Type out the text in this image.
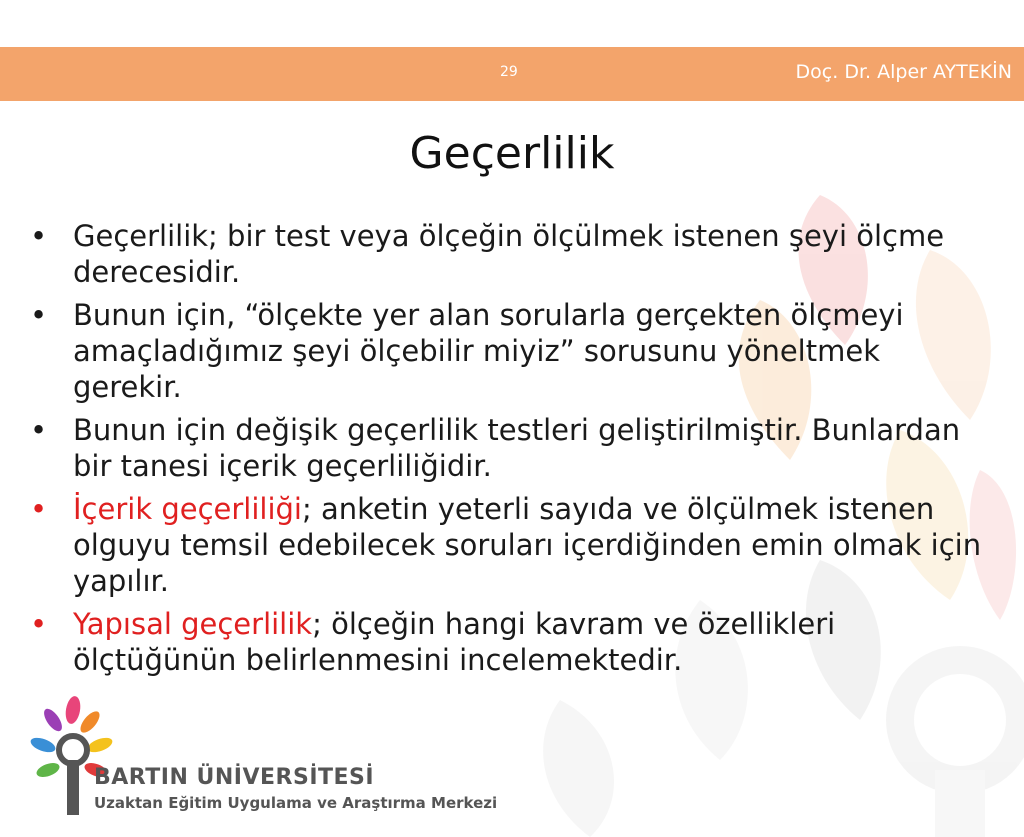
29	Doç. Dr. Alper AYTEKİN
Geçerlilik
• Geçerlilik; bir test veya ölçeğin ölçülmek istenen şeyi ölçme derecesidir.
• Bunun için, “ölçekte yer alan sorularla gerçekten ölçmeyi amaçladığımız şeyi ölçebilir miyiz” sorusunu yöneltmek gerekir.
• Bunun için değişik geçerlilik testleri geliştirilmiştir. Bunlardan bir tanesi içerik geçerliliğidir.
• İçerik geçerliliği; anketin yeterli sayıda ve ölçülmek istenen olguyu temsil edebilecek soruları içerdiğinden emin olmak için yapılır.
• Yapısal geçerlilik; ölçeğin hangi kavram ve özellikleri ölçtüğünün belirlenmesini incelemektedir.
BARTIN ÜNİVERSİTESİ
Uzaktan Eğitim Uygulama ve Araştırma Merkezi
